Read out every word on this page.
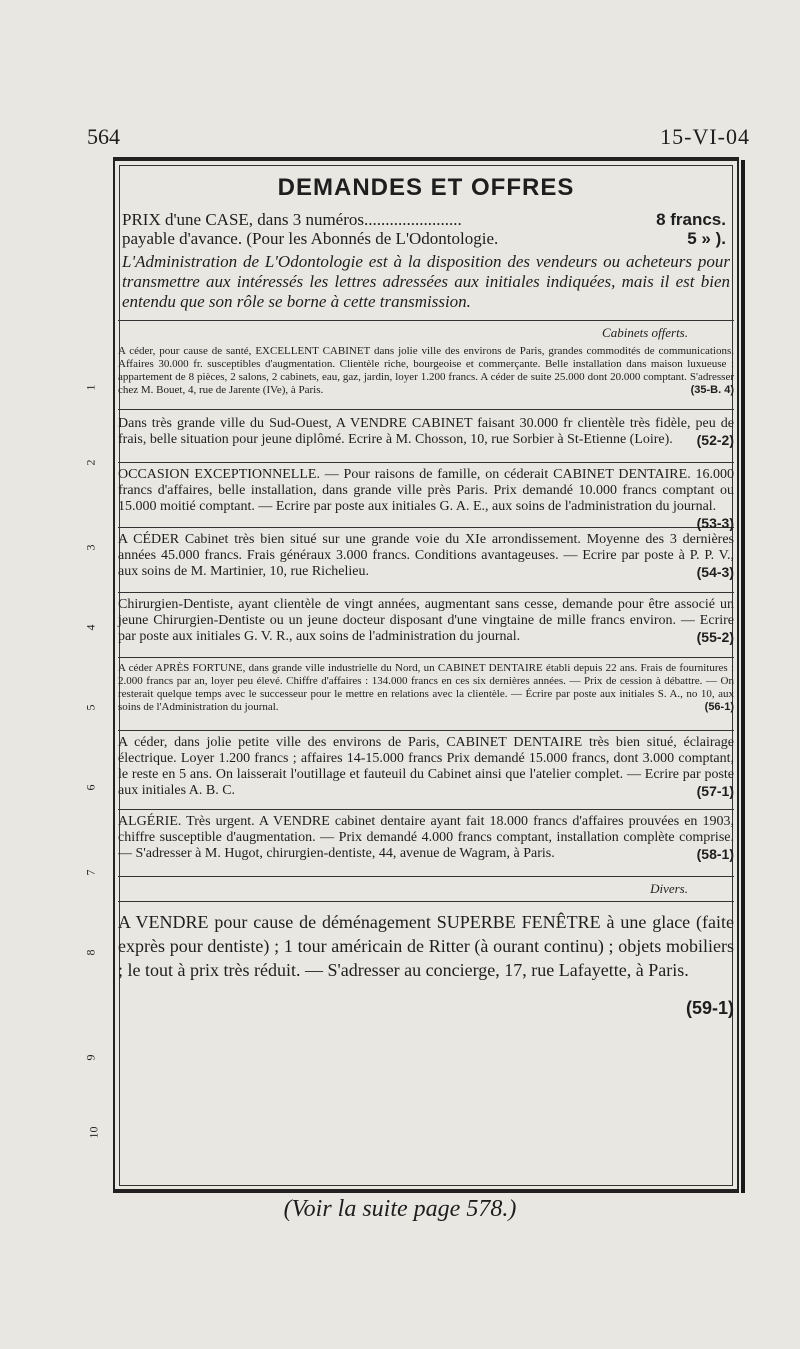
564	15-VI-04
DEMANDES ET OFFRES
PRIX d'une CASE, dans 3 numéros.......................	8 francs.
payable d'avance. (Pour les Abonnés de L'Odontologie.	5 » ).
L'Administration de L'Odontologie est à la disposition des vendeurs ou acheteurs pour transmettre aux intéressés les lettres adressées aux initiales indiquées, mais il est bien entendu que son rôle se borne à cette transmission.
Cabinets offerts.
A céder, pour cause de santé, EXCELLENT CABINET dans jolie ville des environs de Paris, grandes commodités de communications. Affaires 30.000 fr. susceptibles d'augmentation. Clientèle riche, bourgeoise et commerçante. Belle installation dans maison luxueuse : appartement de 8 pièces, 2 salons, 2 cabinets, eau, gaz, jardin, loyer 1.200 francs. A céder de suite 25.000 dont 20.000 comptant. S'adresser chez M. Bouet, 4, rue de Jarente (IVe), à Paris.	(35-B. 4)
Dans très grande ville du Sud-Ouest, A VENDRE CABINET faisant 30.000 fr clientèle très fidèle, peu de frais, belle situation pour jeune diplômé. Ecrire à M. Chosson, 10, rue Sorbier à St-Etienne (Loire). (52-2)
OCCASION EXCEPTIONNELLE. — Pour raisons de famille, on céderait CABINET DENTAIRE. 16.000 francs d'affaires, belle installation, dans grande ville près Paris. Prix demandé 10.000 francs comptant ou 15.000 moitié comptant. — Ecrire par poste aux initiales G. A. E., aux soins de l'administration du journal.
(53-3)
A CÉDER Cabinet très bien situé sur une grande voie du XIe arrondissement. Moyenne des 3 dernières années 45.000 francs. Frais généraux 3.000 francs. Conditions avantageuses. — Ecrire par poste à P. P. V., aux soins de M. Martinier, 10, rue Richelieu.	(54-3)
Chirurgien-Dentiste, ayant clientèle de vingt années, augmentant sans cesse, demande pour être associé un jeune Chirurgien-Dentiste ou un jeune docteur disposant d'une vingtaine de mille francs environ. — Ecrire par poste aux initiales G. V. R., aux soins de l'administration du journal.	(55-2)
A céder APRÈS FORTUNE, dans grande ville industrielle du Nord, un CABINET DENTAIRE établi depuis 22 ans. Frais de fournitures : 2.000 francs par an, loyer peu élevé. Chiffre d'affaires : 134.000 francs en ces six dernières années. — Prix de cession à débattre. — On resterait quelque temps avec le successeur pour le mettre en relations avec la clientèle. — Écrire par poste aux initiales S. A., no 10, aux soins de l'Administration du journal.	(56-1)
A céder, dans jolie petite ville des environs de Paris, CABINET DENTAIRE très bien situé, éclairage électrique. Loyer 1.200 francs ; affaires 14-15.000 francs Prix demandé 15.000 francs, dont 3.000 comptant, le reste en 5 ans. On laisserait l'outillage et fauteuil du Cabinet ainsi que l'atelier complet. — Ecrire par poste aux initiales A. B. C.	(57-1)
ALGÉRIE. Très urgent. A VENDRE cabinet dentaire ayant fait 18.000 francs d'affaires prouvées en 1903, chiffre susceptible d'augmentation. — Prix demandé 4.000 francs comptant, installation complète comprise. — S'adresser à M. Hugot, chirurgien-dentiste, 44, avenue de Wagram, à Paris.	(58-1)
Divers.
A VENDRE pour cause de déménagement SUPERBE FENÊTRE à une glace (faite exprès pour dentiste) ; 1 tour américain de Ritter (à ourant continu) ; objets mobiliers ; le tout à prix très réduit. — S'adresser au concierge, 17, rue Lafayette, à Paris.
(59-1)
1
2
3
4
5
6
7
8
9
10
(Voir la suite page 578.)
